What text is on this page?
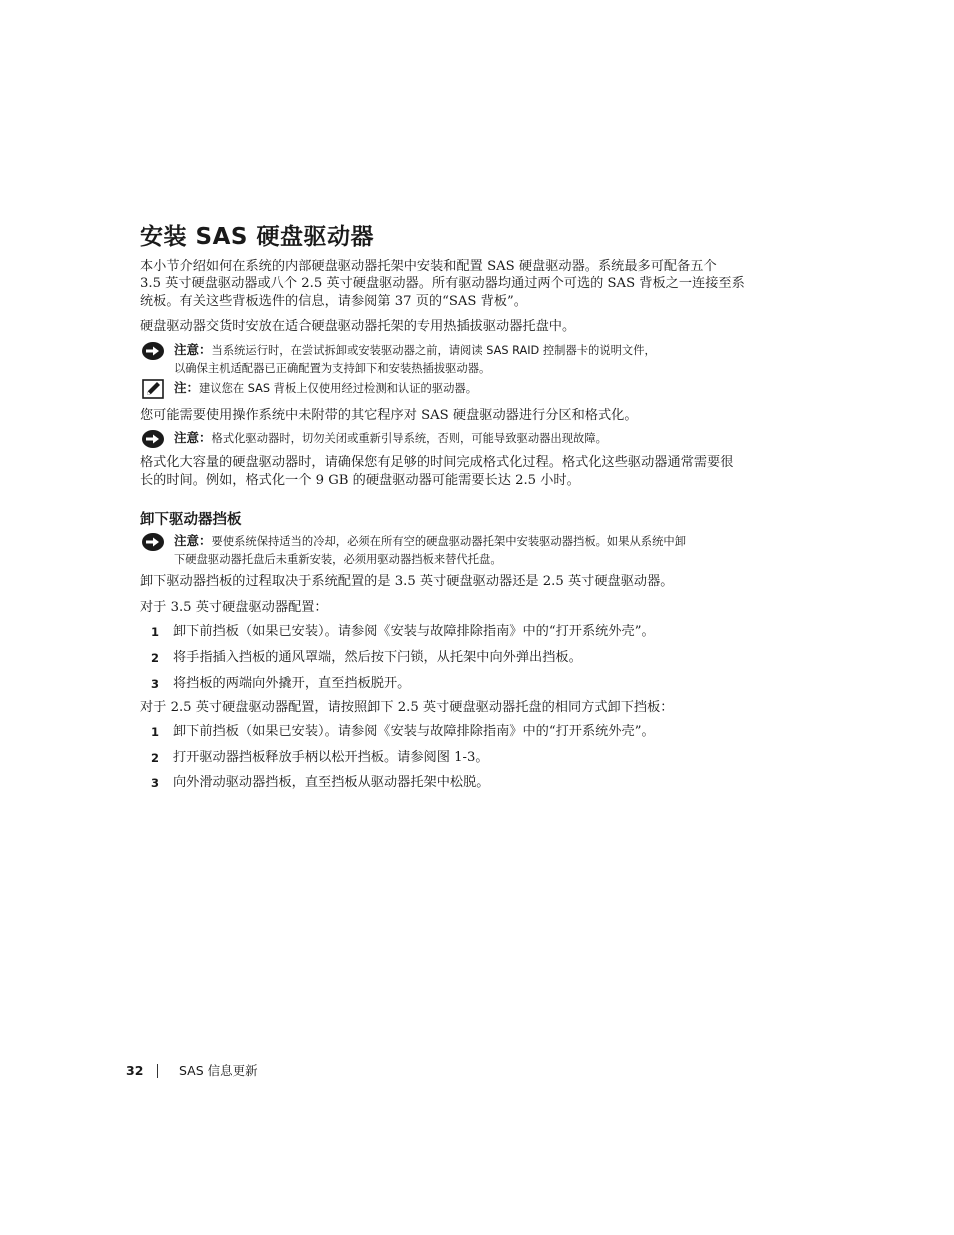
安装 SAS 硬盘驱动器

本小节介绍如何在系统的内部硬盘驱动器托架中安装和配置 SAS 硬盘驱动器。系统最多可配备五个

3.5 英寸硬盘驱动器或八个 2.5 英寸硬盘驱动器。所有驱动器均通过两个可选的 SAS 背板之一连接至系

统板。有关这些背板选件的信息，请参阅第 37 页的“SAS 背板”。

硬盘驱动器交货时安放在适合硬盘驱动器托架的专用热插拔驱动器托盘中。

注意：当系统运行时，在尝试拆卸或安装驱动器之前，请阅读 SAS RAID 控制器卡的说明文件，
以确保主机适配器已正确配置为支持卸下和安装热插拔驱动器。
注：建议您在 SAS 背板上仅使用经过检测和认证的驱动器。

您可能需要使用操作系统中未附带的其它程序对 SAS 硬盘驱动器进行分区和格式化。

注意：格式化驱动器时，切勿关闭或重新引导系统，否则，可能导致驱动器出现故障。

格式化大容量的硬盘驱动器时，请确保您有足够的时间完成格式化过程。格式化这些驱动器通常需要很

长的时间。例如，格式化一个 9 GB 的硬盘驱动器可能需要长达 2.5 小时。

卸下驱动器挡板
注意：要使系统保持适当的冷却，必须在所有空的硬盘驱动器托架中安装驱动器挡板。如果从系统中卸
下硬盘驱动器托盘后未重新安装，必须用驱动器挡板来替代托盘。

卸下驱动器挡板的过程取决于系统配置的是 3.5 英寸硬盘驱动器还是 2.5 英寸硬盘驱动器。

对于 3.5 英寸硬盘驱动器配置：

1	卸下前挡板（如果已安装）。请参阅《安装与故障排除指南》中的“打开系统外壳”。
2	将手指插入挡板的通风罩端，然后按下闩锁，从托架中向外弹出挡板。
3	将挡板的两端向外撬开，直至挡板脱开。

对于 2.5 英寸硬盘驱动器配置，请按照卸下 2.5 英寸硬盘驱动器托盘的相同方式卸下挡板：

1	卸下前挡板（如果已安装）。请参阅《安装与故障排除指南》中的“打开系统外壳”。
2	打开驱动器挡板释放手柄以松开挡板。请参阅图 1-3。
3	向外滑动驱动器挡板，直至挡板从驱动器托架中松脱。
32	SAS 信息更新
